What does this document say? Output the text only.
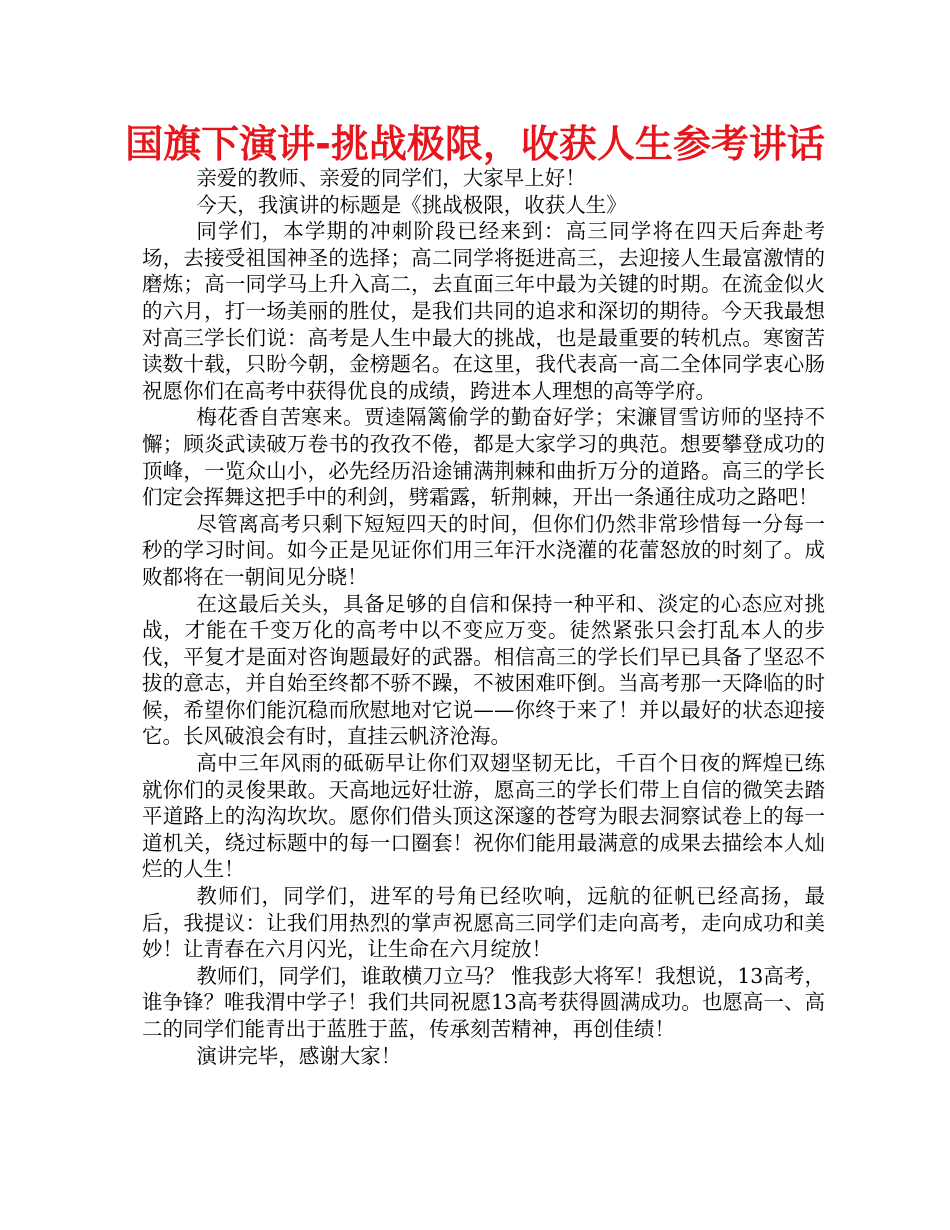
国旗下演讲-挑战极限，收获人生参考讲话

亲爱的教师、亲爱的同学们，大家早上好！

今天，我演讲的标题是《挑战极限，收获人生》

同学们，本学期的冲刺阶段已经来到：高三同学将在四天后奔赴考场，去接受祖国神圣的选择；高二同学将挺进高三，去迎接人生最富激情的磨炼；高一同学马上升入高二，去直面三年中最为关键的时期。在流金似火的六月，打一场美丽的胜仗，是我们共同的追求和深切的期待。今天我最想对高三学长们说：高考是人生中最大的挑战，也是最重要的转机点。寒窗苦读数十载，只盼今朝，金榜题名。在这里，我代表高一高二全体同学衷心肠祝愿你们在高考中获得优良的成绩，跨进本人理想的高等学府。

梅花香自苦寒来。贾逵隔篱偷学的勤奋好学；宋濂冒雪访师的坚持不懈；顾炎武读破万卷书的孜孜不倦，都是大家学习的典范。想要攀登成功的顶峰，一览众山小，必先经历沿途铺满荆棘和曲折万分的道路。高三的学长们定会挥舞这把手中的利剑，劈霜露，斩荆棘，开出一条通往成功之路吧！

尽管离高考只剩下短短四天的时间，但你们仍然非常珍惜每一分每一秒的学习时间。如今正是见证你们用三年汗水浇灌的花蕾怒放的时刻了。成败都将在一朝间见分晓！

在这最后关头，具备足够的自信和保持一种平和、淡定的心态应对挑战，才能在千变万化的高考中以不变应万变。徒然紧张只会打乱本人的步伐，平复才是面对咨询题最好的武器。相信高三的学长们早已具备了坚忍不拔的意志，并自始至终都不骄不躁，不被困难吓倒。当高考那一天降临的时候，希望你们能沉稳而欣慰地对它说——你终于来了！并以最好的状态迎接它。长风破浪会有时，直挂云帆济沧海。

高中三年风雨的砥砺早让你们双翅坚韧无比，千百个日夜的辉煌已练就你们的灵俊果敢。天高地远好壮游，愿高三的学长们带上自信的微笑去踏平道路上的沟沟坎坎。愿你们借头顶这深邃的苍穹为眼去洞察试卷上的每一道机关，绕过标题中的每一口圈套！祝你们能用最满意的成果去描绘本人灿烂的人生！

教师们，同学们，进军的号角已经吹响，远航的征帆已经高扬，最后，我提议：让我们用热烈的掌声祝愿高三同学们走向高考，走向成功和美妙！让青春在六月闪光，让生命在六月绽放！

教师们，同学们，谁敢横刀立马？ 惟我彭大将军！我想说，13高考，谁争锋？唯我渭中学子！我们共同祝愿13高考获得圆满成功。也愿高一、高二的同学们能青出于蓝胜于蓝，传承刻苦精神，再创佳绩！

演讲完毕，感谢大家！
